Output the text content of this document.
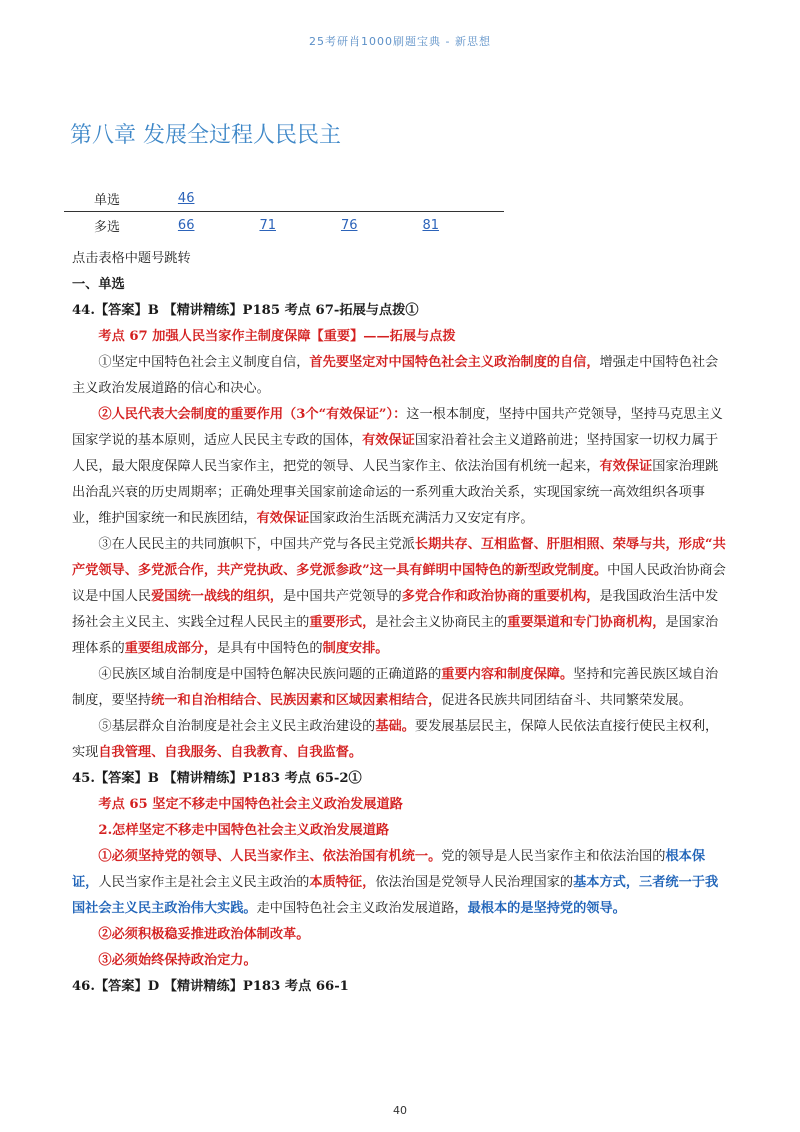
25考研肖1000刷题宝典 - 新思想
第八章 发展全过程人民民主
单选	46			
多选	66	71	76	81

点击表格中题号跳转

一、单选

44.【答案】B 【精讲精练】P185 考点 67-拓展与点拨①

考点 67 加强人民当家作主制度保障【重要】——拓展与点拨

①坚定中国特色社会主义制度自信，首先要坚定对中国特色社会主义政治制度的自信，增强走中国特色社会主义政治发展道路的信心和决心。

②人民代表大会制度的重要作用（3个“有效保证”）：这一根本制度，坚持中国共产党领导，坚持马克思主义国家学说的基本原则，适应人民民主专政的国体，有效保证国家沿着社会主义道路前进；坚持国家一切权力属于人民，最大限度保障人民当家作主，把党的领导、人民当家作主、依法治国有机统一起来，有效保证国家治理跳出治乱兴衰的历史周期率；正确处理事关国家前途命运的一系列重大政治关系，实现国家统一高效组织各项事业，维护国家统一和民族团结，有效保证国家政治生活既充满活力又安定有序。

③在人民民主的共同旗帜下，中国共产党与各民主党派长期共存、互相监督、肝胆相照、荣辱与共，形成“共产党领导、多党派合作，共产党执政、多党派参政”这一具有鲜明中国特色的新型政党制度。中国人民政治协商会议是中国人民爱国统一战线的组织，是中国共产党领导的多党合作和政治协商的重要机构，是我国政治生活中发扬社会主义民主、实践全过程人民民主的重要形式，是社会主义协商民主的重要渠道和专门协商机构，是国家治理体系的重要组成部分，是具有中国特色的制度安排。

④民族区域自治制度是中国特色解决民族问题的正确道路的重要内容和制度保障。坚持和完善民族区域自治制度，要坚持统一和自治相结合、民族因素和区域因素相结合，促进各民族共同团结奋斗、共同繁荣发展。

⑤基层群众自治制度是社会主义民主政治建设的基础。要发展基层民主，保障人民依法直接行使民主权利，实现自我管理、自我服务、自我教育、自我监督。

45.【答案】B 【精讲精练】P183 考点 65-2①

考点 65 坚定不移走中国特色社会主义政治发展道路

2.怎样坚定不移走中国特色社会主义政治发展道路

①必须坚持党的领导、人民当家作主、依法治国有机统一。党的领导是人民当家作主和依法治国的根本保证，人民当家作主是社会主义民主政治的本质特征，依法治国是党领导人民治理国家的基本方式，三者统一于我国社会主义民主政治伟大实践。走中国特色社会主义政治发展道路，最根本的是坚持党的领导。

②必须积极稳妥推进政治体制改革。

③必须始终保持政治定力。

46.【答案】D 【精讲精练】P183 考点 66-1

40
